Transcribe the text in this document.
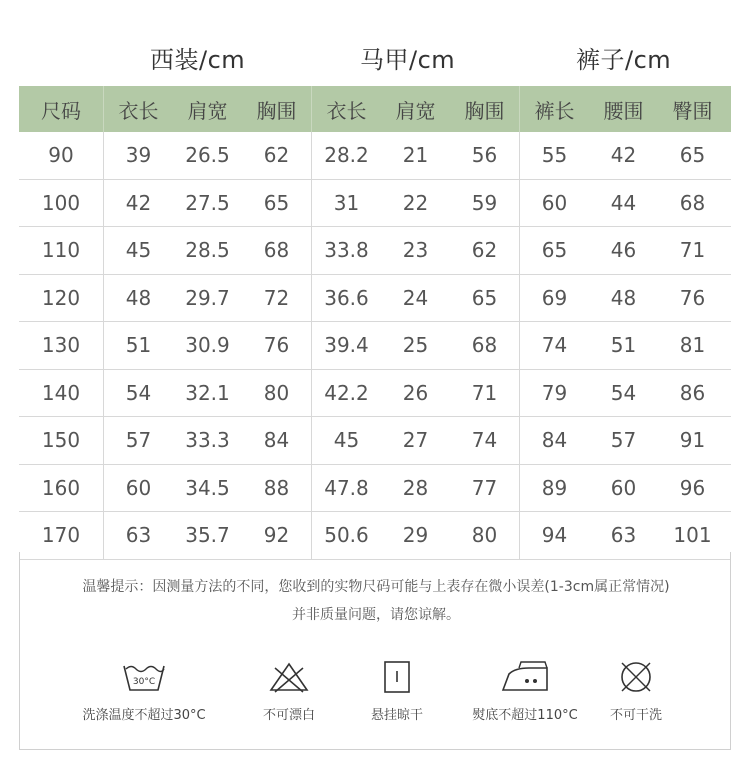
西装/cm	马甲/cm	裤子/cm
尺码	衣长	肩宽	胸围	衣长	肩宽	胸围	裤长	腰围	臀围
90	39	26.5	62	28.2	21	56	55	42	65
100	42	27.5	65	31	22	59	60	44	68
110	45	28.5	68	33.8	23	62	65	46	71
120	48	29.7	72	36.6	24	65	69	48	76
130	51	30.9	76	39.4	25	68	74	51	81
140	54	32.1	80	42.2	26	71	79	54	86
150	57	33.3	84	45	27	74	84	57	91
160	60	34.5	88	47.8	28	77	89	60	96
170	63	35.7	92	50.6	29	80	94	63	101
温馨提示：因测量方法的不同，您收到的实物尺码可能与上表存在微小误差(1-3cm属正常情况)
并非质量问题，请您谅解。
30°C
洗涤温度不超过30°C	不可漂白	悬挂晾干	熨底不超过110°C	不可干洗
